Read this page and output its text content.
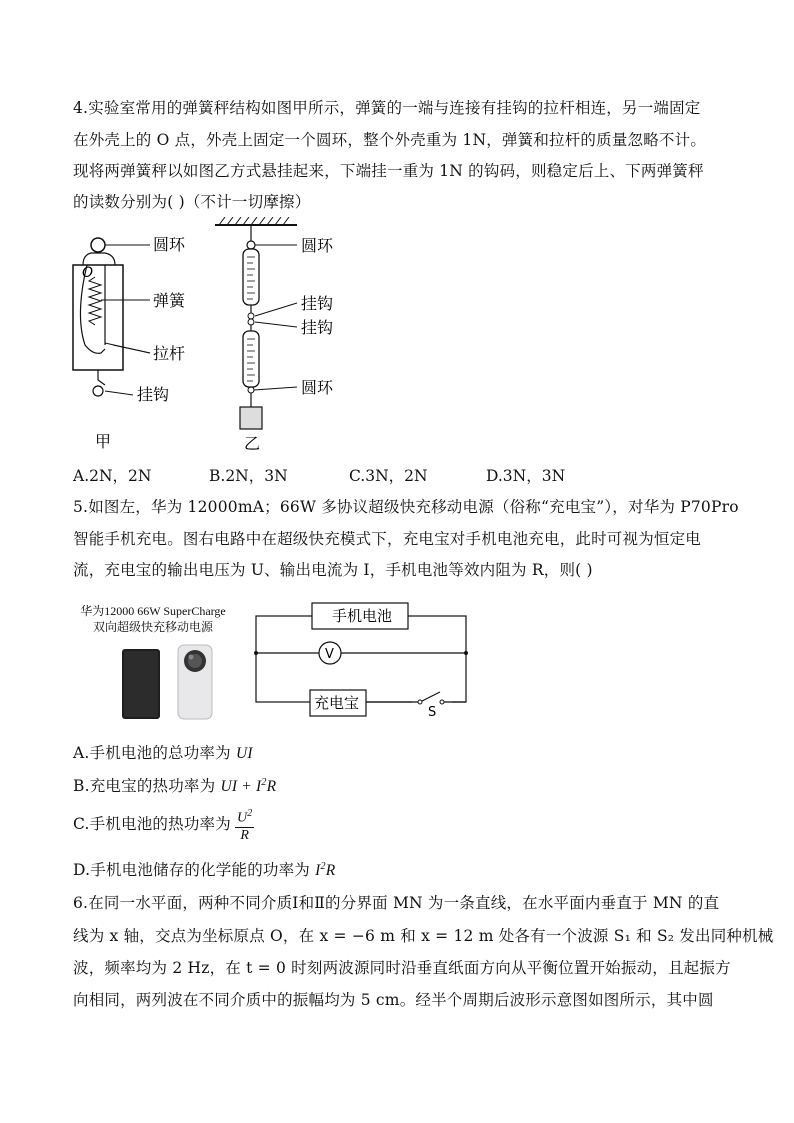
4.实验室常用的弹簧秤结构如图甲所示，弹簧的一端与连接有挂钩的拉杆相连，另一端固定
在外壳上的 O 点，外壳上固定一个圆环，整个外壳重为 1N，弹簧和拉杆的质量忽略不计。
现将两弹簧秤以如图乙方式悬挂起来，下端挂一重为 1N 的钩码，则稳定后上、下两弹簧秤
的读数分别为( )（不计一切摩擦）
O
圆环
弹簧
拉杆
挂钩
甲
圆环
挂钩
挂钩
圆环
乙
A.2N，2N	B.2N，3N	C.3N，2N	D.3N，3N
5.如图左，华为 12000mA；66W 多协议超级快充移动电源（俗称“充电宝”），对华为 P70Pro
智能手机充电。图右电路中在超级快充模式下，充电宝对手机电池充电，此时可视为恒定电
流，充电宝的输出电压为 U、输出电流为 I，手机电池等效内阻为 R，则( )
华为12000 66W SuperCharge
双向超级快充移动电源
手机电池
V
充电宝
S
A.手机电池的总功率为 UI
B.充电宝的热功率为 UI + $I^2R$
C.手机电池的热功率为 $\frac{U^2}{R}$
D.手机电池储存的化学能的功率为 $I^2R$
6.在同一水平面，两种不同介质Ⅰ和Ⅱ的分界面 MN 为一条直线，在水平面内垂直于 MN 的直
线为 x 轴，交点为坐标原点 O，在 x = −6 m 和 x = 12 m 处各有一个波源 S₁ 和 S₂ 发出同种机械
波，频率均为 2 Hz，在 t = 0 时刻两波源同时沿垂直纸面方向从平衡位置开始振动，且起振方
向相同，两列波在不同介质中的振幅均为 5 cm。经半个周期后波形示意图如图所示，其中圆
